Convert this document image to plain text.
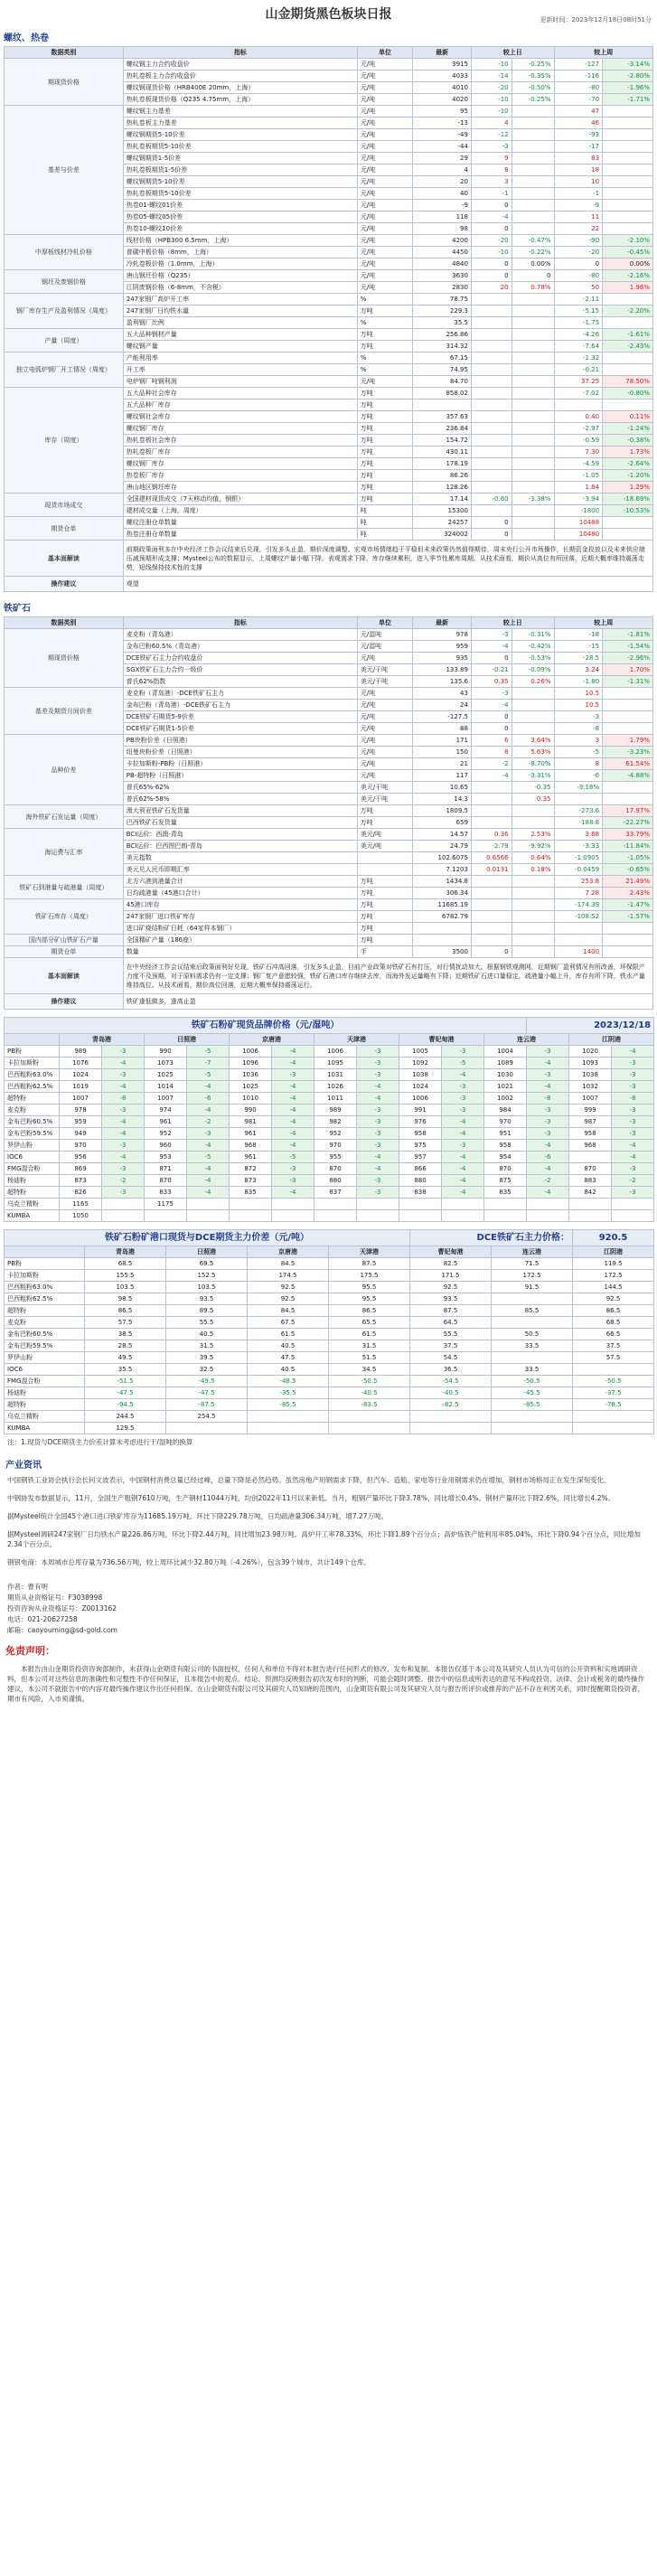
山金期货黑色板块日报	更新时间：2023年12月18日08时51分
螺纹、热卷
数据类别	指标	单位	最新	较上日		较上周	
期现货价格	螺纹钢主力合约收盘价	元/吨	3915	-10	-0.25%	-127	-3.14%
	热轧卷板主力合约收盘价	元/吨	4033	-14	-0.35%	-116	-2.80%
	螺纹钢现货价格（HRB400E 20mm，上海）	元/吨	4010	-20	-0.50%	-80	-1.96%
	热轧卷板现货价格（Q235 4.75mm，上海）	元/吨	4020	-10	-0.25%	-70	-1.71%
基差与价差	螺纹钢主力基差	元/吨	95	-10		47	
	热轧卷板主力基差	元/吨	-13	4		46	
	螺纹钢期货5-10价差	元/吨	-49	-12		-93	
	热轧卷板期货5-10价差	元/吨	-44	-3		-17	
	螺纹钢期货1-5价差	元/吨	29	9		83	
	热轧卷板期货1-5价差	元/吨	4	8		18	
	螺纹钢期货5-10价差	元/吨	20	3		10	
	热轧卷板期货5-10价差	元/吨	40	-1		-1	
	热卷01-螺纹01价差	元/吨	-9	0		-9	
	热卷05-螺纹05价差	元/吨	118	-4		11	
	热卷10-螺纹10价差	元/吨	98	0		22	
中厚板线材冷轧价格	线材价格（HPB300 6.5mm，上海）	元/吨	4200	-20	-0.47%	-90	-2.10%
	普碳中板价格（8mm，上海）	元/吨	4450	-10	-0.22%	-20	-0.45%
	冷轧卷板价格（1.0mm，上海）	元/吨	4840	0	0.00%	0	0.00%
钢坯及废钢价格	唐山钢坯价格（Q235）	元/吨	3630	0	0	-80	-2.16%
	江阴废钢价格（6-8mm，不含税）	元/吨	2830	20	0.78%	50	1.96%
钢厂库存生产及盈利情况（周度）	247家钢厂高炉开工率	%	78.75			-2.11	
	247家钢厂日均铁水量	万吨	229.3			-5.15	-2.20%
	盈利钢厂比例	%	35.5			-1.75	
产量（周度）	五大品种钢材产量	万吨	256.86			-4.26	-1.61%
	螺纹钢产量	万吨	314.32			-7.64	-2.43%
独立电弧炉钢厂开工情况（周度）	产能利用率	%	67.15			-1.32	
	开工率	%	74.95			-0.21	
	电炉钢厂吨钢利润	元/吨	84.70			37.25	78.50%
库存（周度）	五大品种社会库存	万吨	858.02			-7.02	-0.80%
	五大品种厂库存	万吨					
	螺纹钢社会库存	万吨	357.63			0.40	0.11%
	螺纹钢厂库存	万吨	236.84			-2.97	-1.24%
	热轧卷板社会库存	万吨	154.72			-0.59	-0.38%
	热轧卷板厂库存	万吨	430.11			7.30	1.73%
	螺纹钢厂库存	万吨	178.19			-4.59	-2.64%
	热卷板厂库存	万吨	86.26			-1.05	-1.20%
	唐山地区钢坯库存	万吨	128.26			1.64	1.29%
现货市场成交	全国建材现货成交（7天移动均值，钢银）	万吨	17.14	-0.60	-3.38%	-3.94	-18.69%
	建材成交量（上海，周度）	吨	15300			-1800	-10.53%
期货仓单	螺纹注册仓单数量	吨	24257	0		10488	
	热卷注册仓单数量	吨	324002	0		10480	
基本面解读	前期政策面利多在中央经济工作会议结束后兑现，引发多头止盈，期价深度调整。宏观市场情绪趋于平稳但未来政策仍然值得期待，周末央行公开市场操作，长期资金投放以及未来供应端压减预期形成支撑；Mysteel公布的数据显示，上周螺纹产量小幅下降，表观需求下降，库存继续累积，进入季节性累库周期。从技术面看，期价从高位有所回落，近期大概率维持震荡走势，短线保持技术性的支撑						
操作建议	观望						
铁矿石
数据类别	指标	单位	最新	较上日		较上周	
期现货价格	麦克粉（青岛港）	元/湿吨	978	-3	-0.31%	-18	-1.81%
	金布巴粉60.5%（青岛港）	元/湿吨	959	-4	-0.42%	-15	-1.54%
	DCE铁矿石主力合约收盘价	元/吨	935	0	-0.53%	-28.5	-2.96%
	SGX铁矿石主力合约一级价	美元/干吨	133.89	-0.21	-0.09%	3.24	1.70%
	普氏62%指数	美元/干吨	135.6	0.35	0.26%	-1.80	-1.31%
基差及期货月间价差	麦克粉（青岛港）-DCE铁矿石主力	元/吨	43	-3		10.5	
	金布巴粉（青岛港）-DCE铁矿石主力	元/吨	24	-4		10.5	
	DCE铁矿石期货5-9价差	元/吨	-127.5	0		-3	
	DCE铁矿石期货1-5价差	元/吨	88	0		-8	
品种价差	PB块粉价差（日照港）	元/吨	171	6	3.64%	3	1.79%
	纽曼块粉价差（日照港）	元/吨	150	8	5.63%	-5	-3.23%
	卡拉加斯粉-PB粉（日照港）	元/吨	21	-2	-8.70%	8	61.54%
	PB-超特粉（日照港）	元/吨	117	-4	-3.31%	-6	-4.88%
	普氏65%-62%	美元/干吨	10.65		-0.35	-3.18%	
	普氏62%-58%	美元/干吨	14.3		0.35		
海外铁矿石发运量（周度）	澳大利亚铁矿石发货量	万吨	1809.5			-273.6	17.97%
	巴西铁矿石发货量	万吨	659			-188.8	-22.27%
海运费与汇率	BCI运价：西澳-青岛	美元/吨	14.57	0.36	2.53%	3.68	33.79%
	BCI运价：巴西图巴朗-青岛	美元/吨	24.79	-2.79	-9.92%	-3.33	-11.84%
	美元指数		102.6075	0.6566	0.64%	-1.0905	-1.05%
	美元兑人民币即期汇率		7.1203	0.0131	0.18%	-0.0459	-0.65%
铁矿石到港量与疏港量（周度）	北方六港到港量合计	万吨	1434.8			253.8	21.49%
	日均疏港量（45港口合计）	万吨	306.34			7.28	2.43%
铁矿石库存（周度）	45港口库存	万吨	11685.19			-174.39	-1.47%
	247家钢厂进口铁矿库存	万吨	6782.79			-108.52	-1.57%
	进口矿烧结粉矿日耗（64家样本钢厂）	万吨					
国内部分矿山铁矿石产量	全国精矿产量（186座）	万吨					
期货仓单	数量	手	3500	0		1400	
基本面解读	在中央经济工作会议结束后政策面利好兑现，铁矿石冲高回落，引发多头止盈，目前产业政策对铁矿石有打压，对行情扰动加大。根据钢铁观测网，近期钢厂盈利情况有所改善，环保限产力度不及预期，对于原料需求仍有一定支撑；钢厂复产意愿较强，铁矿石港口库存继续去库，而海外发运量略有下降；近期铁矿石进口量稳定，疏港量小幅上升，库存有所下降，铁水产量维持高位。从技术面看，期价高位回落，近期大概率保持震荡运行。						
操作建议	铁矿逢低做多，逢高止盈						
铁矿石粉矿现货品牌价格（元/湿吨）												2023/12/18		
	青岛港		日照港		京唐港		天津港		曹妃甸港		连云港		江阴港	
PB粉	989	-3	990	-5	1006	-4	1006	-3	1005	-3	1004	-3	1020	-4
卡拉加斯粉	1076	-4	1073	-7	1096	-4	1095	-3	1092	-5	1089	-4	1093	-3
巴西粗粉63.0%	1024	-3	1025	-5	1036	-3	1031	-3	1038	-4	1030	-3	1038	-3
巴西粗粉62.5%	1019	-4	1014	-4	1025	-4	1026	-4	1024	-3	1021	-4	1032	-3
超特粉	1007	-8	1007	-6	1010	-4	1011	-4	1006	-3	1002	-8	1007	-8
麦克粉	978	-3	974	-4	990	-4	989	-3	991	-3	984	-3	999	-3
金布巴粉60.5%	959	-4	961	-2	981	-4	982	-3	976	-4	970	-3	987	-3
金布巴粉59.5%	949	-4	952	-3	961	-4	952	-3	958	-4	951	-3	958	-3
罗伊山粉	970	-3	960	-4	968	-4	970	-3	975	-3	958	-4	968	-4
IOC6	956	-4	953	-5	961	-5	955	-4	957	-4	954	-6		-4
FMG混合粉	869	-3	871	-4	872	-3	870	-4	866	-4	870	-4	870	-3
杨迪粉	873	-2	870	-4	873	-3	880	-3	880	-4	875	-2	883	-2
超特粉	826	-3	833	-4	835	-4	837	-3	838	-4	835	-4	842	-3
乌克兰精粉	1165		1175											
KUMBA	1050													
铁矿石粉矿港口现货与DCE期货主力价差（元/吨）					DCE铁矿石主力价格：		920.5
	青岛港	日照港	京唐港	天津港	曹妃甸港	连云港	江阴港
PB粉	68.5	69.5	84.5	87.5	82.5	71.5	119.5
卡拉加斯粉	155.5	152.5	174.5	175.5	171.5	172.5	172.5
巴西粗粉63.0%	103.5	103.5	92.5	95.5	92.5	91.5	144.5
巴西粗粉62.5%	98.5	93.5	92.5	95.5	93.5		92.5
超特粉	86.5	89.5	84.5	86.5	87.5	85.5	86.5
麦克粉	57.5	55.5	67.5	65.5	64.5		68.5
金布巴粉60.5%	38.5	40.5	61.5	61.5	55.5	50.5	66.5
金布巴粉59.5%	28.5	31.5	40.5	31.5	37.5	33.5	37.5
罗伊山粉	49.5	39.5	47.5	51.5	54.5		57.5
IOC6	35.5	32.5	40.5	34.5	36.5	33.5	
FMG混合粉	-51.5	-49.5	-48.5	-50.5	-54.5	-50.5	-50.5
杨迪粉	-47.5	-47.5	-35.5	-40.5	-40.5	-45.5	-37.5
超特粉	-94.5	-87.5	-85.5	-83.5	-82.5	-85.5	-78.5
乌克兰精粉	244.5	254.5					
KUMBA	129.5						
注：1.现货与DCE期货主力价差计算未考虑进行干/湿吨的换算
产业资讯
中国钢铁工业协会执行会长何文波表示，中国钢材消费总量已经过峰，总量下降是必然趋势。虽然房地产用钢需求下降，但汽车、造船、家电等行业用钢需求仍在增加，钢材市场格局正在发生深刻变化。
中钢协发布数据显示，11月，全国生产粗钢7610万吨，生产钢材11044万吨，均创2022年11月以来新低。当月，粗钢产量环比下降3.78%，同比增长0.4%。钢材产量环比下降2.6%，同比增长4.2%。
据Mysteel统计全国45个港口进口铁矿库存为11685.19万吨，环比下降229.78万吨，日均疏港量306.34万吨，增7.27万吨。
据Mysteel调研247家钢厂日均铁水产量226.86万吨，环比下降2.44万吨，同比增加23.98万吨。高炉开工率78.33%，环比下降1.89个百分点；高炉炼铁产能利用率85.04%，环比下降0.94个百分点，同比增加2.34个百分点。
钢银电商：本周城市总库存量为736.56万吨，较上周环比减少32.80万吨（-4.26%），包含39个城市，共计149个仓库。
作者：曹有明
期货从业资格证号：F3038998
投资咨询从业资格证号：Z0013162
电话：021-20627258
邮箱：caoyouming@sd-gold.com
免责声明：
本报告由山金期货投资咨询部制作，未获得山金期货有限公司的书面授权，任何人和单位不得对本报告进行任何形式的修改、发布和复制。本报告仅基于本公司及其研究人员认为可信的公开资料和实地调研资料，但本公司对这些信息的准确性和完整性不作任何保证，且本报告中的观点、结论、预测均反映报告初次发布时的判断，可能会随时调整。报告中的信息或所表达的意见不构成投资、法律、会计或税务的最终操作建议，本公司不就报告中的内容对最终操作建议作出任何担保。在山金期货有限公司及其研究人员知晓的范围内，山金期货有限公司及其研究人员与报告所评价或推荐的产品不存在利害关系，同时提醒期货投资者，期市有风险，入市须谨慎。
